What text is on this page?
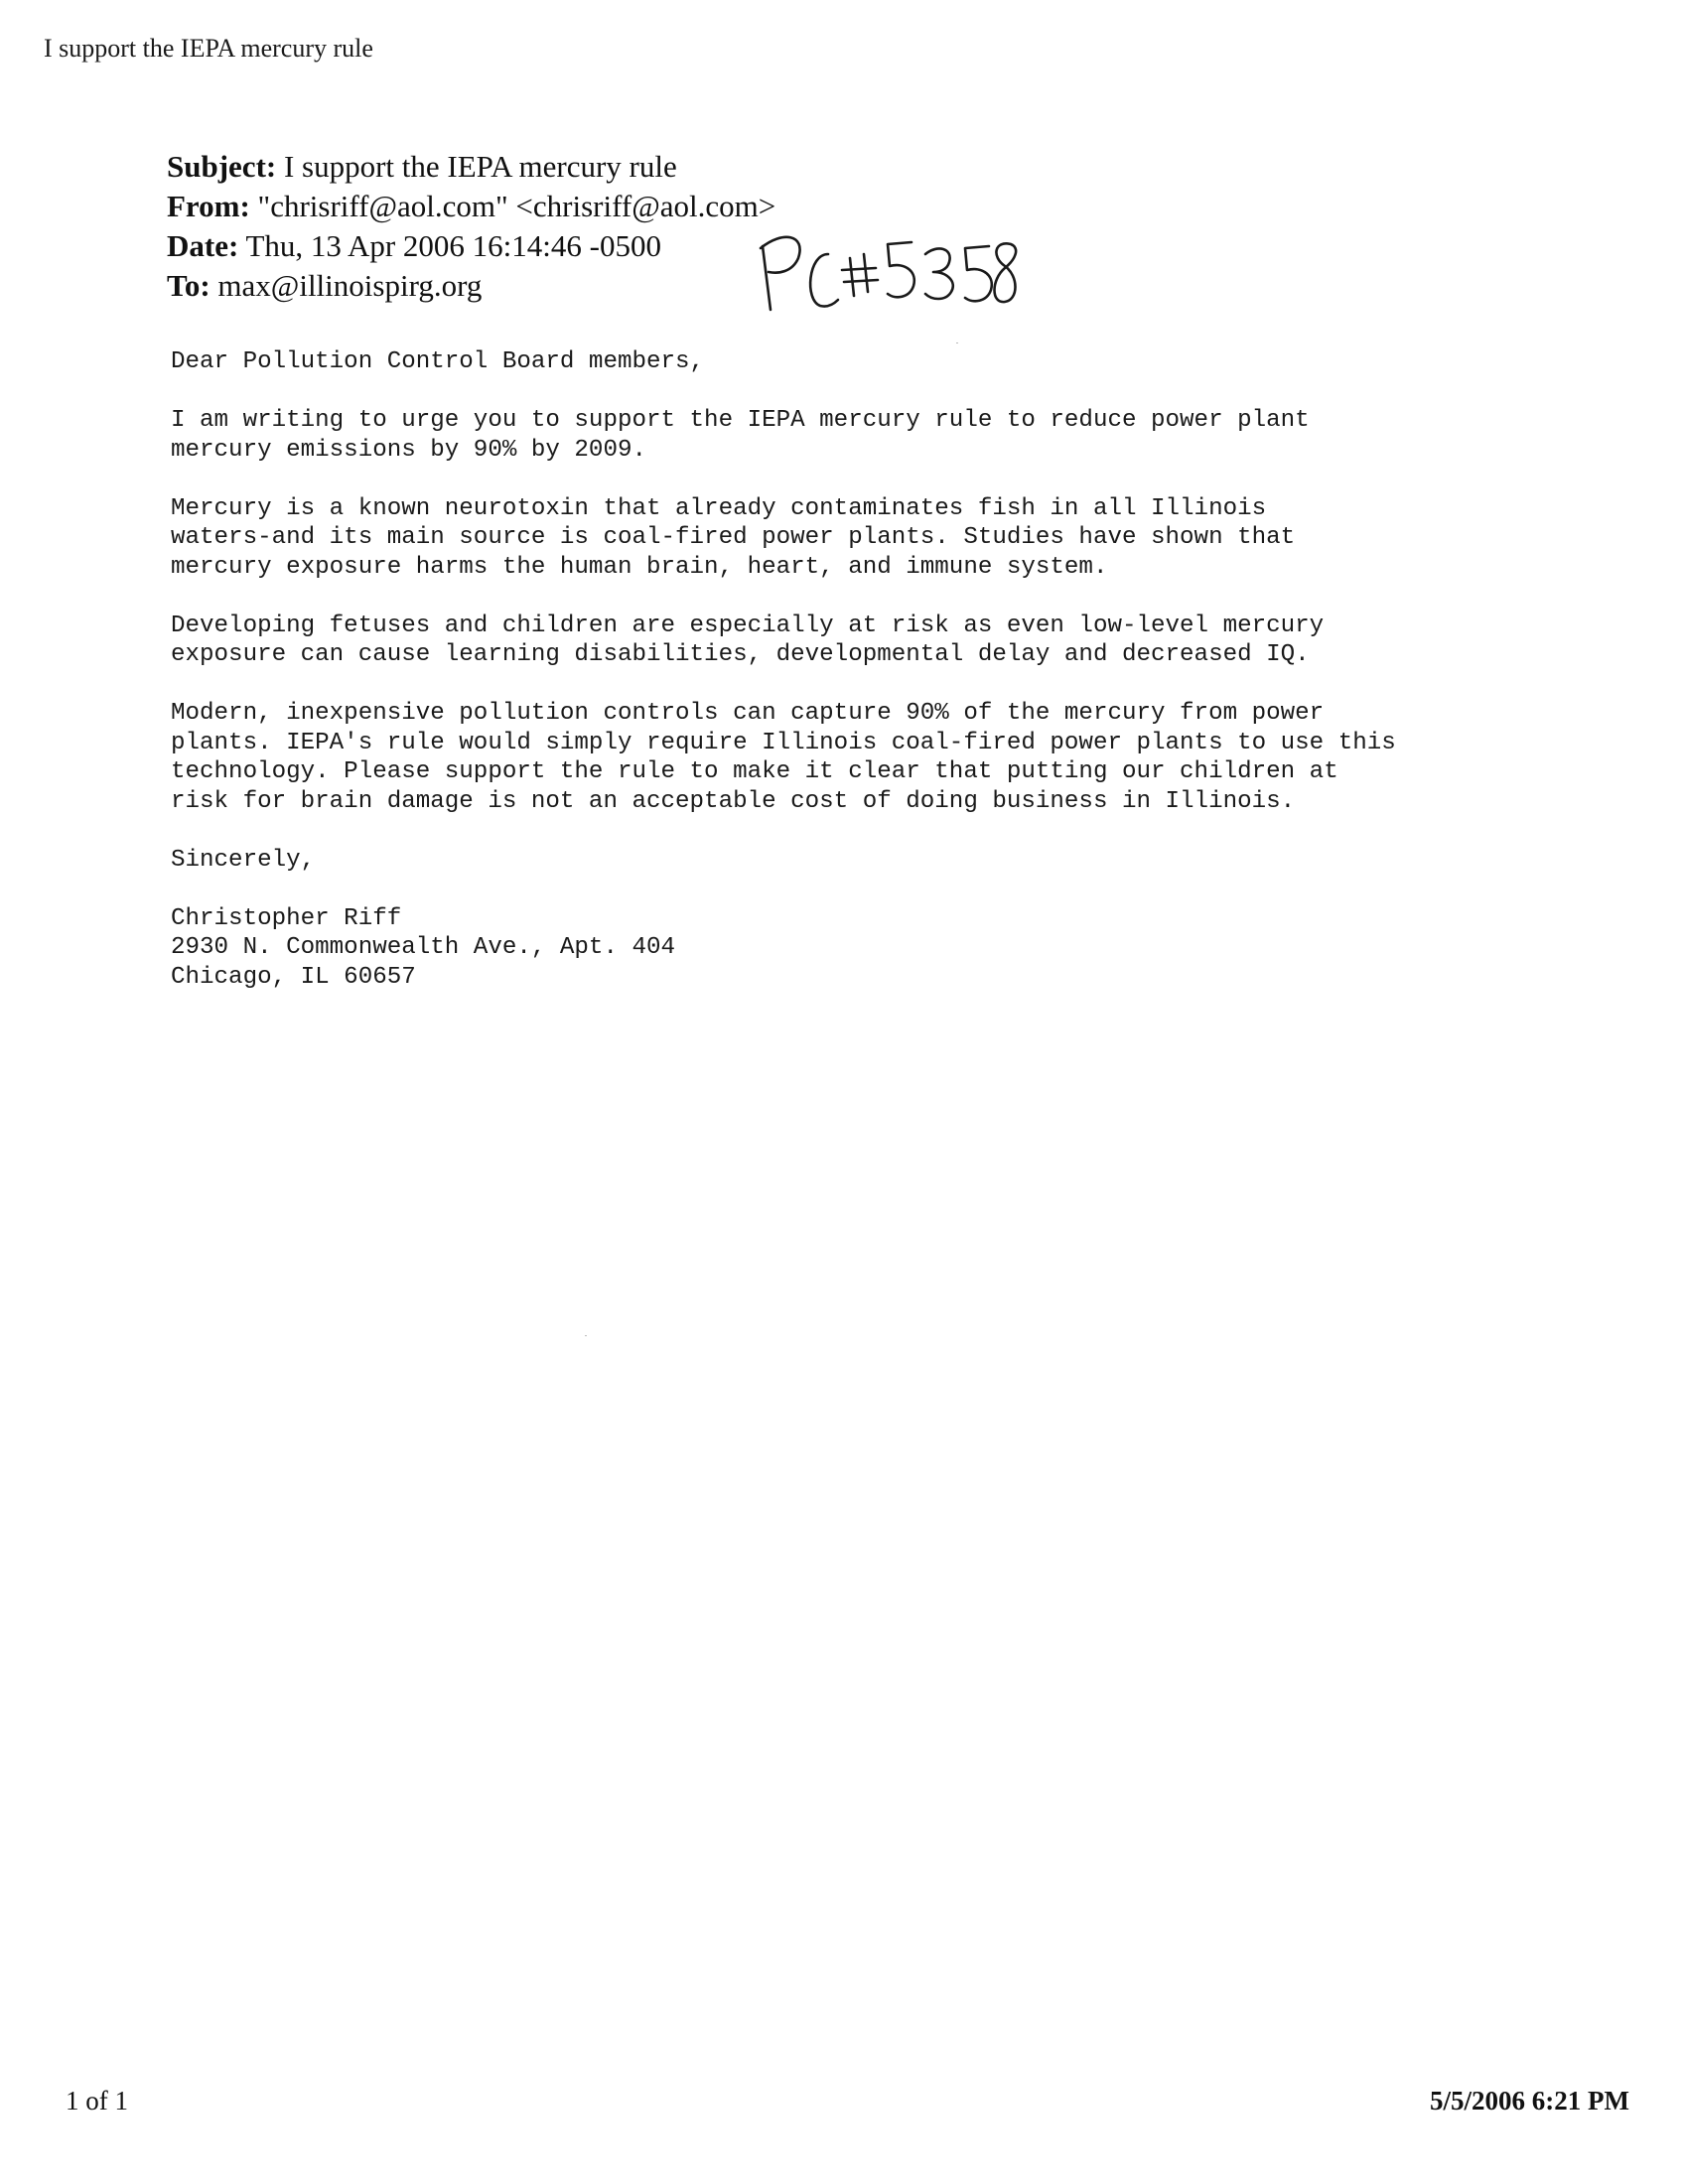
I support the IEPA mercury rule
Subject: I support the IEPA mercury rule
From: "chrisriff@aol.com" <chrisriff@aol.com>
Date: Thu, 13 Apr 2006 16:14:46 -0500
To: max@illinoispirg.org

Dear Pollution Control Board members,

I am writing to urge you to support the IEPA mercury rule to reduce power plant
mercury emissions by 90% by 2009.

Mercury is a known neurotoxin that already contaminates fish in all Illinois
waters-and its main source is coal-fired power plants. Studies have shown that
mercury exposure harms the human brain, heart, and immune system.

Developing fetuses and children are especially at risk as even low-level mercury
exposure can cause learning disabilities, developmental delay and decreased IQ.

Modern, inexpensive pollution controls can capture 90% of the mercury from power
plants. IEPA's rule would simply require Illinois coal-fired power plants to use this
technology. Please support the rule to make it clear that putting our children at
risk for brain damage is not an acceptable cost of doing business in Illinois.

Sincerely,

Christopher Riff

2930 N. Commonwealth Ave., Apt. 404

Chicago, IL 60657

1 of 1	5/5/2006 6:21 PM
